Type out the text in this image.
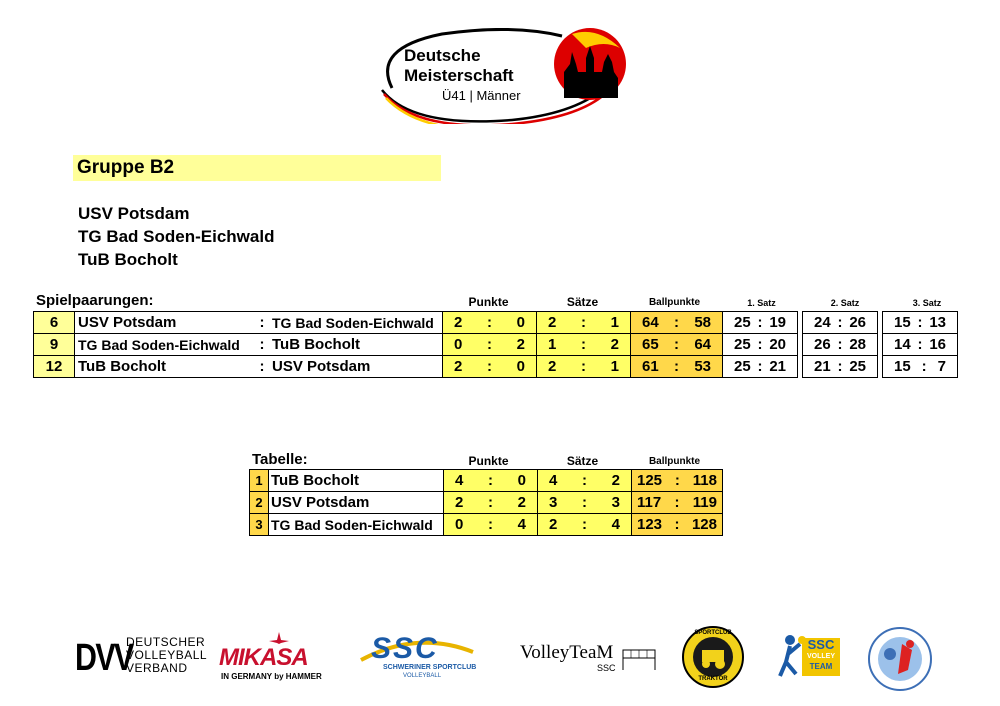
Deutsche
Meisterschaft
Ü41 | Männer
Gruppe B2
USV Potsdam
TG Bad Soden-Eichwald
TuB Bocholt
Spielpaarungen:	Punkte	Sätze	Ballpunkte	1. Satz	2. Satz	3. Satz
6	USV Potsdam : TG Bad Soden-Eichwald	2 : 0	2 : 1	64 : 58	25 : 19		24 : 26		15 : 13

9	TG Bad Soden-Eichwald : TuB Bocholt	0 : 2	1 : 2	65 : 64	25 : 20		26 : 28		14 : 16

12	TuB Bocholt : USV Potsdam	2 : 0	2 : 1	61 : 53	25 : 21		21 : 25		15 : 7
Tabelle:	Punkte	Sätze	Ballpunkte
1	TuB Bocholt	4 : 0	4 : 2	125 : 118

2	USV Potsdam	2 : 2	3 : 3	117 : 119

3	TG Bad Soden-Eichwald	0 : 4	2 : 4	123 : 128
DVV
DEUTSCHER
VOLLEYBALL
VERBAND	MIKASA
IN GERMANY by HAMMER
SSC
SCHWERINER SPORTCLUB
VOLLEYBALL
VolleyTeaM
SSC
SPORTCLUB
TRAKTOR
SSC
VOLLEY
TEAM
